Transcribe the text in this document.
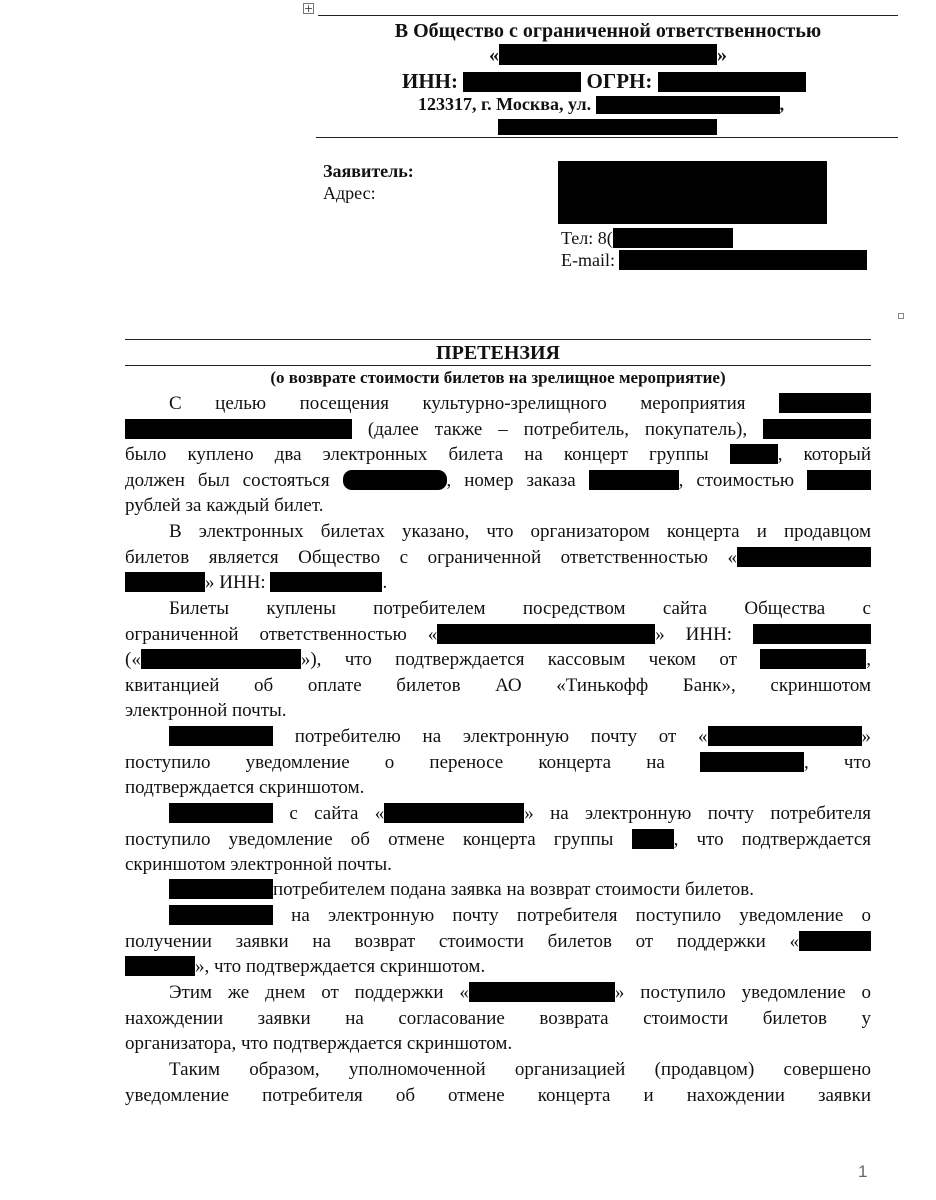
+
В Общество с ограниченной ответственностью
«	»
ИНН:	ОГРН:
123317, г. Москва, ул.	,
Заявитель:
Адрес:
Тел: 8(
E-mail:
ПРЕТЕНЗИЯ
(о возврате стоимости билетов на зрелищное мероприятие)
С целью посещения культурно-зрелищного мероприятия
(далее также – потребитель, покупатель),
было куплено два электронных билета на концерт группы	, который
должен был состояться	, номер заказа	, стоимостью
рублей за каждый билет.
В электронных билетах указано, что организатором концерта и продавцом
билетов является Общество с ограниченной ответственностью «
» ИНН:	.
Билеты куплены потребителем посредством сайта Общества с
ограниченной ответственностью «	» ИНН:
(«	»), что подтверждается кассовым чеком от	,
квитанцией об оплате билетов АО «Тинькофф Банк», скриншотом
электронной почты.
потребителю на электронную почту от «	»
поступило уведомление о переносе концерта на	, что
подтверждается скриншотом.
с сайта «	» на электронную почту потребителя
поступило уведомление об отмене концерта группы	, что подтверждается
скриншотом электронной почты.
потребителем подана заявка на возврат стоимости билетов.
на электронную почту потребителя поступило уведомление о
получении заявки на возврат стоимости билетов от поддержки «
», что подтверждается скриншотом.
Этим же днем от поддержки «	» поступило уведомление о
нахождении заявки на согласование возврата стоимости билетов у
организатора, что подтверждается скриншотом.
Таким образом, уполномоченной организацией (продавцом) совершено
уведомление потребителя об отмене концерта и нахождении заявки
1
